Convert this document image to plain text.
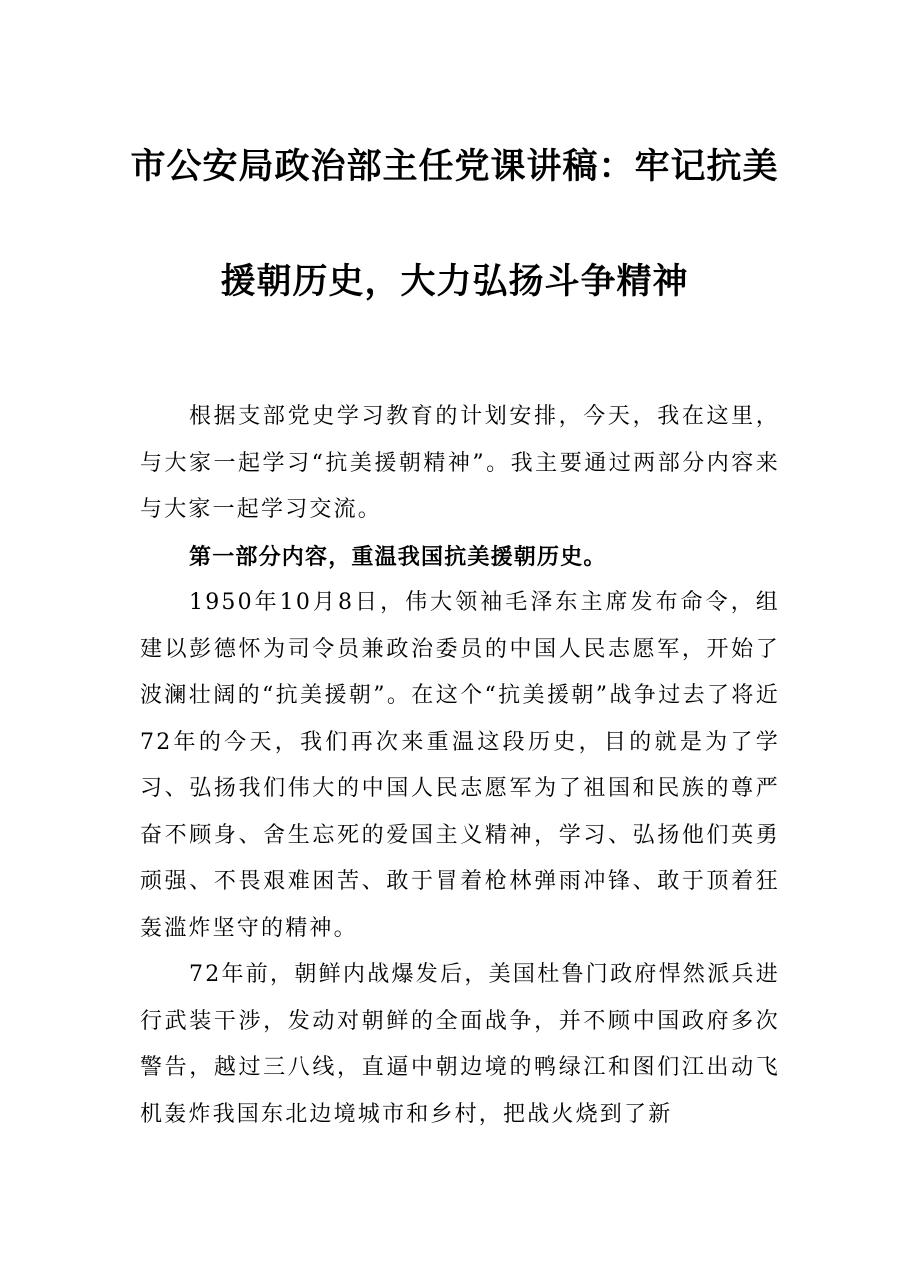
市公安局政治部主任党课讲稿：牢记抗美
援朝历史，大力弘扬斗争精神

根据支部党史学习教育的计划安排，今天，我在这里，与大家一起学习“抗美援朝精神”。我主要通过两部分内容来与大家一起学习交流。

第一部分内容，重温我国抗美援朝历史。

1950年10月8日，伟大领袖毛泽东主席发布命令，组建以彭德怀为司令员兼政治委员的中国人民志愿军，开始了波澜壮阔的“抗美援朝”。在这个“抗美援朝”战争过去了将近72年的今天，我们再次来重温这段历史，目的就是为了学习、弘扬我们伟大的中国人民志愿军为了祖国和民族的尊严奋不顾身、舍生忘死的爱国主义精神，学习、弘扬他们英勇顽强、不畏艰难困苦、敢于冒着枪林弹雨冲锋、敢于顶着狂轰滥炸坚守的精神。

72年前，朝鲜内战爆发后，美国杜鲁门政府悍然派兵进行武装干涉，发动对朝鲜的全面战争，并不顾中国政府多次警告，越过三八线，直逼中朝边境的鸭绿江和图们江出动飞机轰炸我国东北边境城市和乡村，把战火烧到了新
